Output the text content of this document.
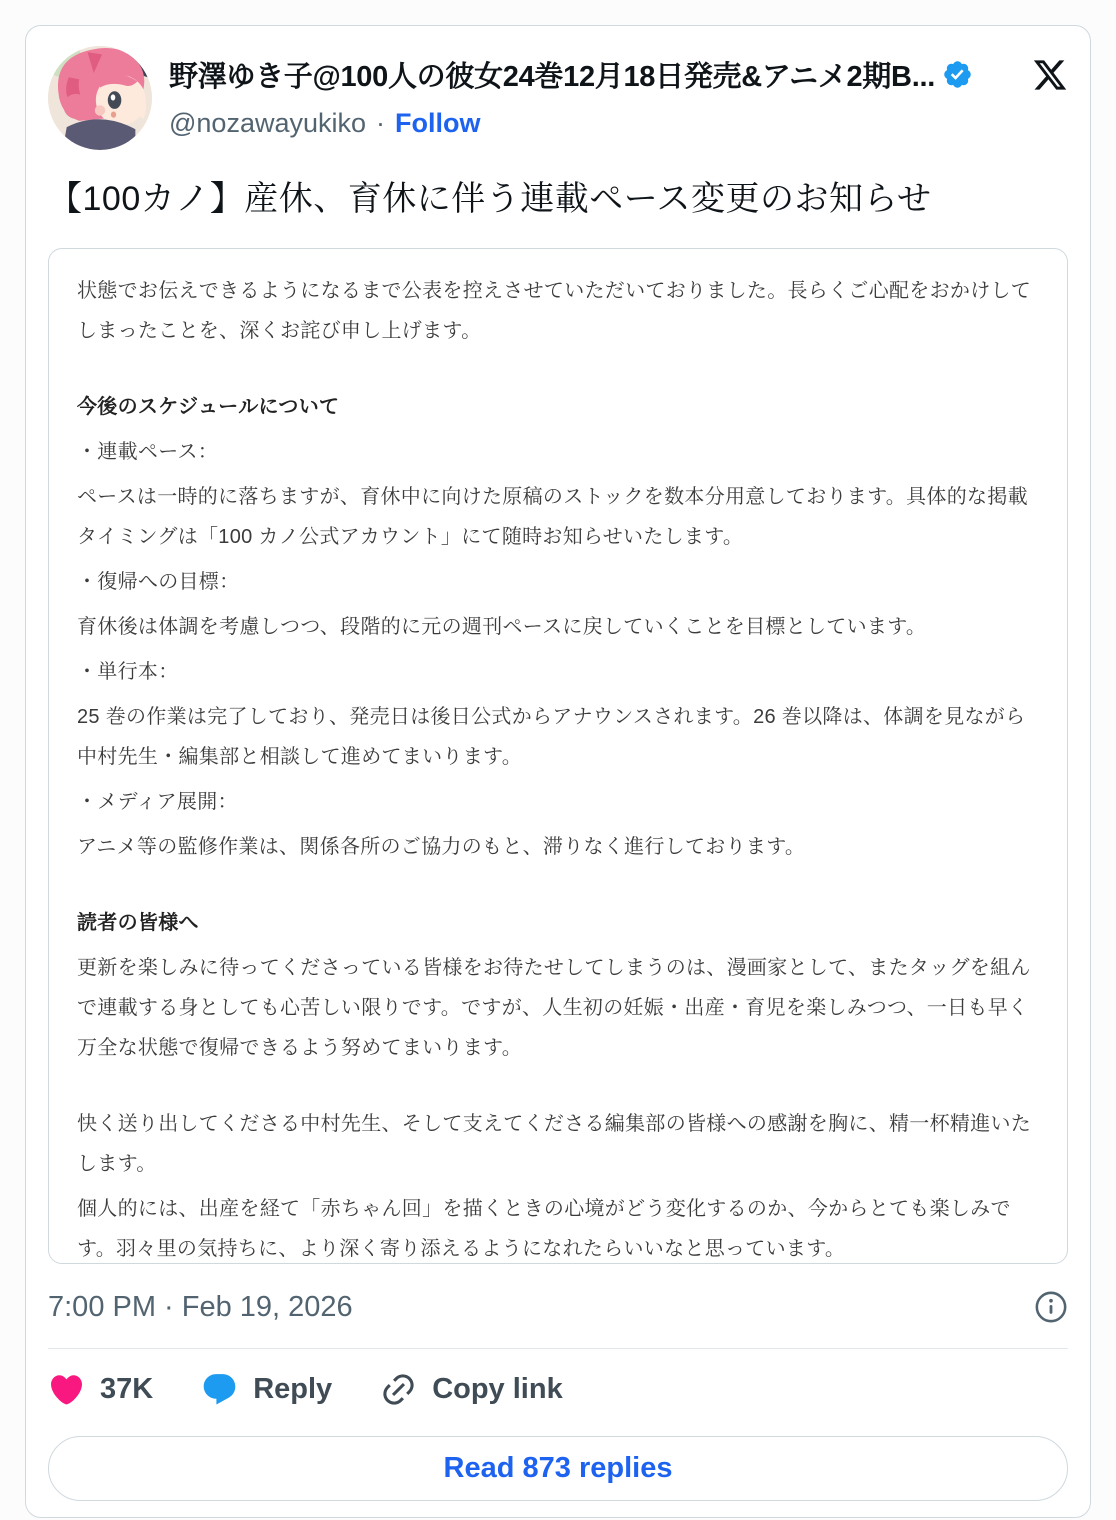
野澤ゆき子@100人の彼女24巻12月18日発売&アニメ2期B...
@nozawayukiko · Follow

【100カノ】産休、育休に伴う連載ペース変更のお知らせ

状態でお伝えできるようになるまで公表を控えさせていただいておりました。長らくご心配をおかけしてしまったことを、深くお詫び申し上げます。

今後のスケジュールについて

・連載ペース：

ペースは一時的に落ちますが、育休中に向けた原稿のストックを数本分用意しております。具体的な掲載タイミングは「100 カノ公式アカウント」にて随時お知らせいたします。

・復帰への目標：

育休後は体調を考慮しつつ、段階的に元の週刊ペースに戻していくことを目標としています。

・単行本：

25 巻の作業は完了しており、発売日は後日公式からアナウンスされます。26 巻以降は、体調を見ながら中村先生・編集部と相談して進めてまいります。

・メディア展開：

アニメ等の監修作業は、関係各所のご協力のもと、滞りなく進行しております。

読者の皆様へ

更新を楽しみに待ってくださっている皆様をお待たせしてしまうのは、漫画家として、またタッグを組んで連載する身としても心苦しい限りです。ですが、人生初の妊娠・出産・育児を楽しみつつ、一日も早く万全な状態で復帰できるよう努めてまいります。

快く送り出してくださる中村先生、そして支えてくださる編集部の皆様への感謝を胸に、精一杯精進いたします。

個人的には、出産を経て「赤ちゃん回」を描くときの心境がどう変化するのか、今からとても楽しみです。羽々里の気持ちに、より深く寄り添えるようになれたらいいなと思っています。

7:00 PM · Feb 19, 2026
37K	Reply	Copy link
Read 873 replies
